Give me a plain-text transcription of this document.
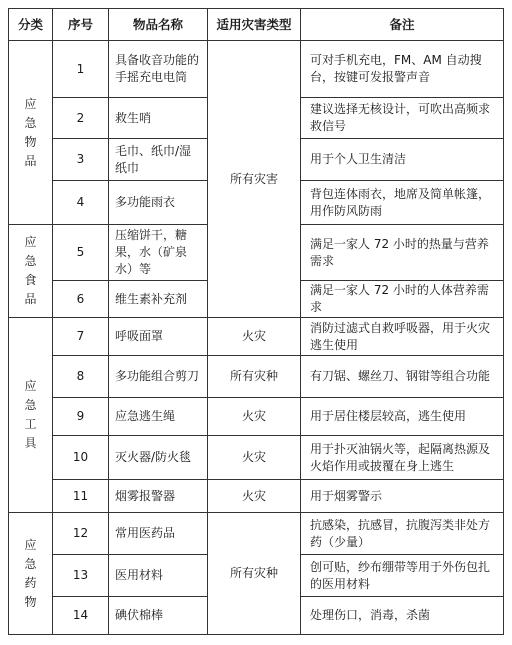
分类	序号	物品名称	适用灾害类型	备注
应急物品	1	具备收音功能的手摇充电电筒	所有灾害	可对手机充电，FM、AM 自动搜台，按键可发报警声音
	2	救生哨		建议选择无核设计，可吹出高频求救信号
	3	毛巾、纸巾/湿纸巾		用于个人卫生清洁
	4	多功能雨衣		背包连体雨衣，地席及简单帐篷，用作防风防雨
应急食品	5	压缩饼干，糖果，水（矿泉水）等		满足一家人 72 小时的热量与营养需求
	6	维生素补充剂		满足一家人 72 小时的人体营养需求
应急工具	7	呼吸面罩	火灾	消防过滤式自救呼吸器，用于火灾逃生使用
	8	多功能组合剪刀	所有灾种	有刀锯、螺丝刀、钢钳等组合功能
	9	应急逃生绳	火灾	用于居住楼层较高，逃生使用
	10	灭火器/防火毯	火灾	用于扑灭油锅火等，起隔离热源及火焰作用或披覆在身上逃生
	11	烟雾报警器	火灾	用于烟雾警示
应急药物	12	常用医药品	所有灾种	抗感染，抗感冒，抗腹泻类非处方药（少量）
	13	医用材料		创可贴，纱布绷带等用于外伤包扎的医用材料
	14	碘伏棉棒		处理伤口，消毒，杀菌
